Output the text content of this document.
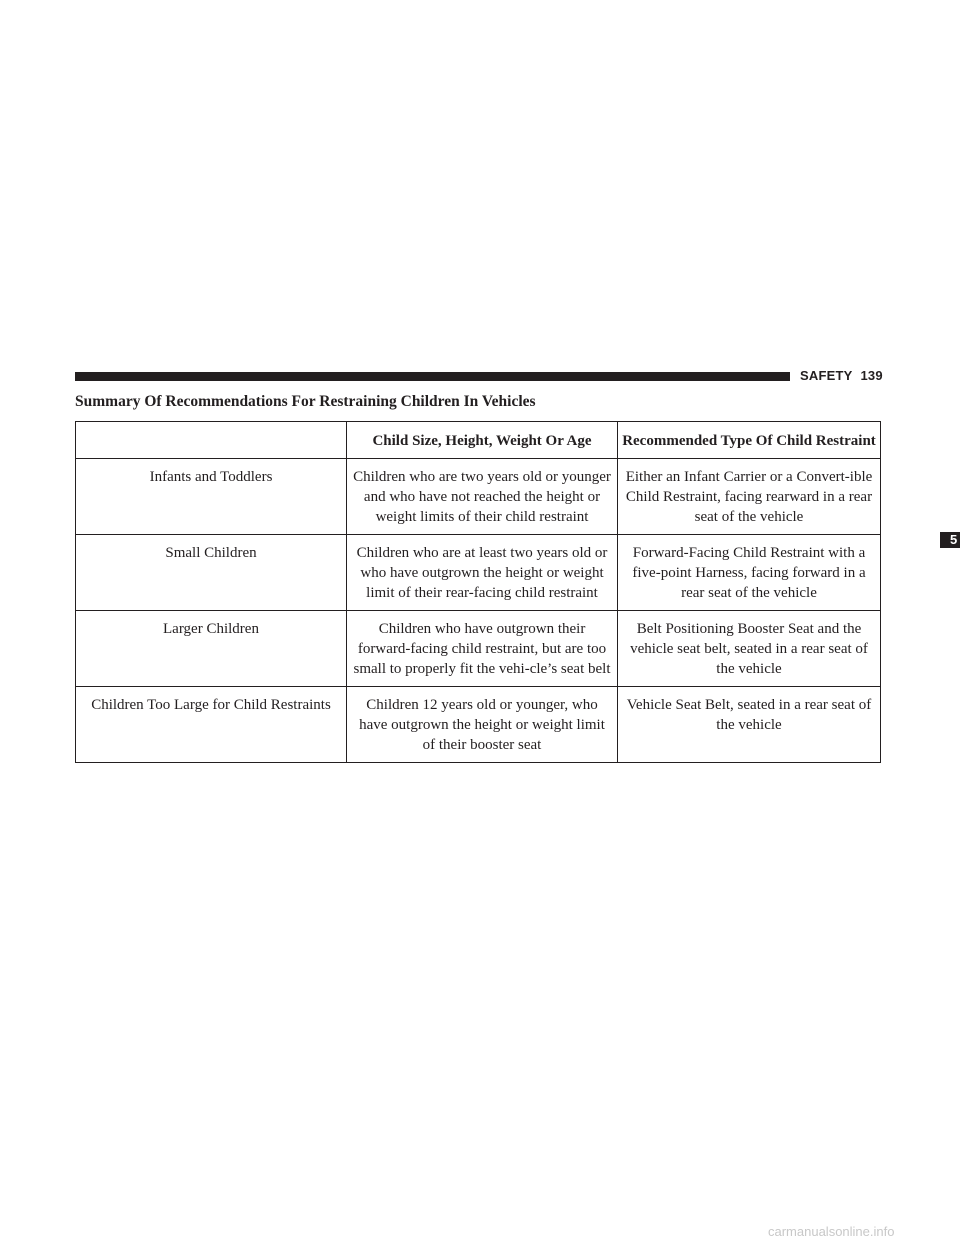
SAFETY 139
Summary Of Recommendations For Restraining Children In Vehicles
	Child Size, Height, Weight Or Age	Recommended Type Of Child Restraint
Infants and Toddlers	Children who are two years old or younger and who have not reached the height or weight limits of their child restraint	Either an Infant Carrier or a Convert-ible Child Restraint, facing rearward in a rear seat of the vehicle
Small Children	Children who are at least two years old or who have outgrown the height or weight limit of their rear-facing child restraint	Forward-Facing Child Restraint with a five-point Harness, facing forward in a rear seat of the vehicle
Larger Children	Children who have outgrown their forward-facing child restraint, but are too small to properly fit the vehi-cle’s seat belt	Belt Positioning Booster Seat and the vehicle seat belt, seated in a rear seat of the vehicle
Children Too Large for Child Restraints	Children 12 years old or younger, who have outgrown the height or weight limit of their booster seat	Vehicle Seat Belt, seated in a rear seat of the vehicle
5
carmanualsonline.info
